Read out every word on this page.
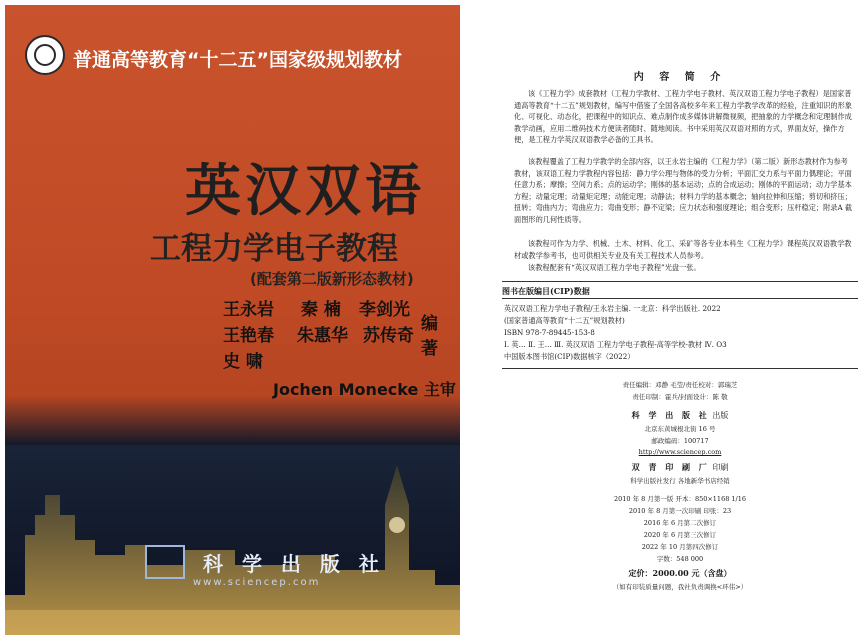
普通高等教育“十二五”国家级规划教材
英汉双语
工程力学电子教程
(配套第二版新形态教材)
王永岩 秦 楠 李剑光
王艳春 朱惠华 苏传奇
史 啸
编著
Jochen Monecke 主审
科 学 出 版 社
www.sciencep.com
内 容 简 介
该《工程力学》成套教材（工程力学教材、工程力学电子教材、英汉双语工程力学电子教程）是国家普通高等教育“十二五”规划教材，编写中借鉴了全国各高校多年来工程力学教学改革的经验，注重知识的形象化、可视化、动态化，把课程中的知识点、难点制作成多媒体讲解微视频，把抽象的力学概念和定理制作成教学动画，应用二维码技术方便读者随时、随地阅读。书中采用英汉双语对照的方式，界面友好，操作方便，是工程力学英汉双语教学必备的工具书。
该教程覆盖了工程力学教学的全部内容，以王永岩主编的《工程力学》（第二版）新形态教材作为参考教材，该双语工程力学教程内容包括：静力学公理与物体的受力分析；平面汇交力系与平面力偶理论；平面任意力系；摩擦；空间力系；点的运动学；刚体的基本运动；点的合成运动；刚体的平面运动；动力学基本方程；动量定理；动量矩定理；动能定理；动静法；材料力学的基本概念；轴向拉伸和压缩；剪切和挤压；扭转；弯曲内力；弯曲应力；弯曲变形；静不定梁；应力状态和强度理论；组合变形；压杆稳定；附录A 截面图形的几何性质等。
该教程可作为力学、机械、土木、材料、化工、采矿等各专业本科生《工程力学》课程英汉双语教学教材或教学参考书，也可供相关专业及有关工程技术人员参考。
该教程配套有“英汉双语工程力学电子教程”光盘一张。
图书在版编目(CIP)数据
英汉双语工程力学电子教程/王永岩主编. 一北京：科学出版社. 2022
(国家普通高等教育“十二五”规划教材)
ISBN 978-7-89445-153-8
Ⅰ. 英… Ⅱ. 王… Ⅲ. 英汉双语 工程力学电子教程-高等学校-教材 Ⅳ. O3
中国版本图书馆(CIP)数据核字（2022）
责任编辑：邓静 毛莹/责任校对：郭瑞芝
责任印制：霍兵/封面设计：陈 敬
科 学 出 版 社 出版
北京东黄城根北街 16 号
邮政编码：100717
http://www.sciencep.com
双 青 印 刷 厂 印刷
科学出版社发行 各地新华书店经销
2010 年 8 月第一版 开本：850×1168 1/16
2010 年 8 月第一次印刷 印张：23
2016 年 6 月第二次修订
2020 年 6 月第三次修订
2022 年 10 月第四次修订
字数：548 000
定价：2000.00 元（含盘）
（如有印装质量问题，我社负责调换<环伟>）
